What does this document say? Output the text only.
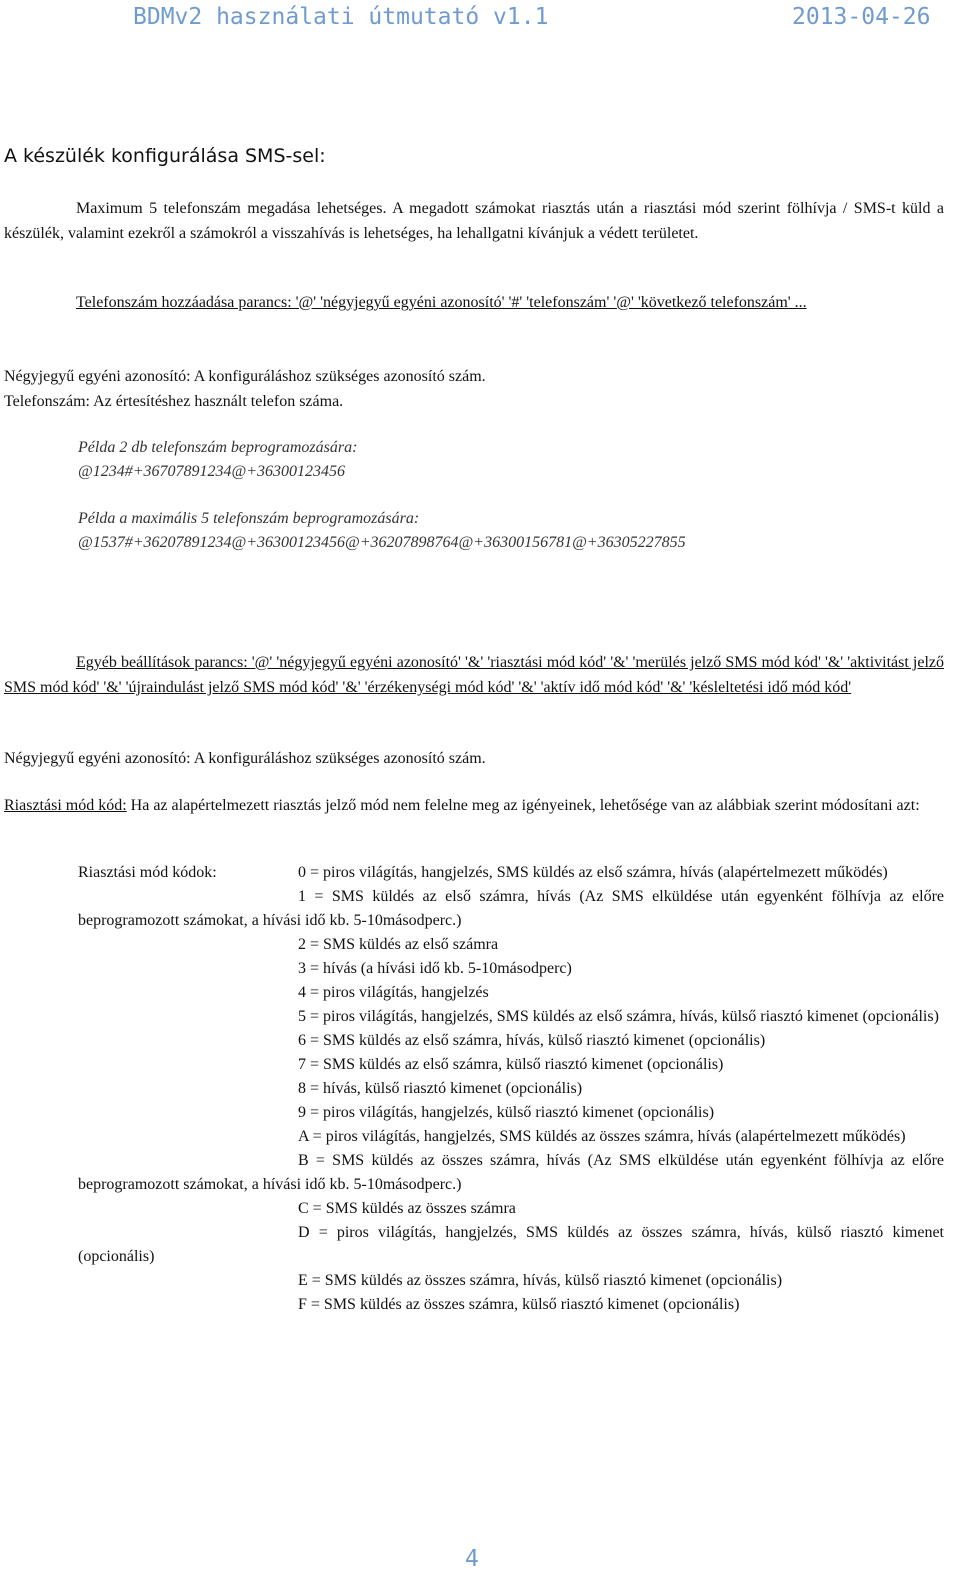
BDMv2 használati útmutató v1.1	2013-04-26
A készülék konfigurálása SMS-sel:

Maximum 5 telefonszám megadása lehetséges. A megadott számokat riasztás után a riasztási mód szerint fölhívja / SMS-t küld a készülék, valamint ezekről a számokról a visszahívás is lehetséges, ha lehallgatni kívánjuk a védett területet.

Telefonszám hozzáadása parancs: '@' 'négyjegyű egyéni azonosító' '#' 'telefonszám' '@' 'következő telefonszám' ...

Négyjegyű egyéni azonosító: A konfiguráláshoz szükséges azonosító szám.

Telefonszám: Az értesítéshez használt telefon száma.

Példa 2 db telefonszám beprogramozására:

@1234#+36707891234@+36300123456

Példa a maximális 5 telefonszám beprogramozására:

@1537#+36207891234@+36300123456@+36207898764@+36300156781@+36305227855

Egyéb beállítások parancs: '@' 'négyjegyű egyéni azonosító' '&' 'riasztási mód kód' '&' 'merülés jelző SMS mód kód' '&' 'aktivitást jelző SMS mód kód' '&' 'újraindulást jelző SMS mód kód' '&' 'érzékenységi mód kód' '&' 'aktív idő mód kód' '&' 'késleltetési idő mód kód'

Négyjegyű egyéni azonosító: A konfiguráláshoz szükséges azonosító szám.

Riasztási mód kód: Ha az alapértelmezett riasztás jelző mód nem felelne meg az igényeinek, lehetősége van az alábbiak szerint módosítani azt:

Riasztási mód kódok:	0 = piros világítás, hangjelzés, SMS küldés az első számra, hívás (alapértelmezett működés)

1 = SMS küldés az első számra, hívás (Az SMS elküldése után egyenként fölhívja az előre beprogramozott számokat, a hívási idő kb. 5-10másodperc.)

2 = SMS küldés az első számra

3 = hívás (a hívási idő kb. 5-10másodperc)

4 = piros világítás, hangjelzés

5 = piros világítás, hangjelzés, SMS küldés az első számra, hívás, külső riasztó kimenet (opcionális)

6 = SMS küldés az első számra, hívás, külső riasztó kimenet (opcionális)

7 = SMS küldés az első számra, külső riasztó kimenet (opcionális)

8 = hívás, külső riasztó kimenet (opcionális)

9 = piros világítás, hangjelzés, külső riasztó kimenet (opcionális)

A = piros világítás, hangjelzés, SMS küldés az összes számra, hívás (alapértelmezett működés)

B = SMS küldés az összes számra, hívás (Az SMS elküldése után egyenként fölhívja az előre beprogramozott számokat, a hívási idő kb. 5-10másodperc.)

C = SMS küldés az összes számra

D = piros világítás, hangjelzés, SMS küldés az összes számra, hívás, külső riasztó kimenet (opcionális)

E = SMS küldés az összes számra, hívás, külső riasztó kimenet (opcionális)

F = SMS küldés az összes számra, külső riasztó kimenet (opcionális)

4
